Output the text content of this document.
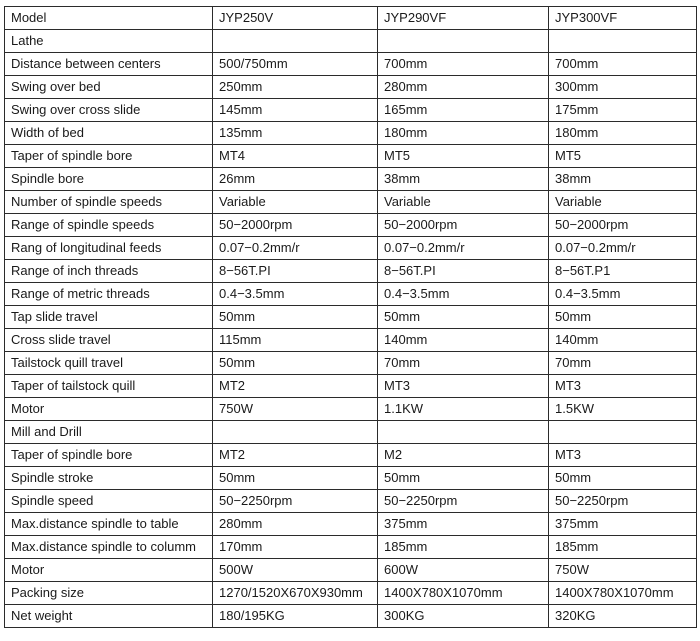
Model	JYP250V	JYP290VF	JYP300VF
Lathe			
Distance between centers	500/750mm	700mm	700mm
Swing over bed	250mm	280mm	300mm
Swing over cross slide	145mm	165mm	175mm
Width of bed	135mm	180mm	180mm
Taper of spindle bore	MT4	MT5	MT5
Spindle bore	26mm	38mm	38mm
Number of spindle speeds	Variable	Variable	Variable
Range of spindle speeds	50−2000rpm	50−2000rpm	50−2000rpm
Rang of longitudinal feeds	0.07−0.2mm/r	0.07−0.2mm/r	0.07−0.2mm/r
Range of inch threads	8−56T.PI	8−56T.PI	8−56T.P1
Range of metric threads	0.4−3.5mm	0.4−3.5mm	0.4−3.5mm
Tap slide travel	50mm	50mm	50mm
Cross slide travel	115mm	140mm	140mm
Tailstock quill travel	50mm	70mm	70mm
Taper of tailstock quill	MT2	MT3	MT3
Motor	750W	1.1KW	1.5KW
Mill and Drill			
Taper of spindle bore	MT2	M2	MT3
Spindle stroke	50mm	50mm	50mm
Spindle speed	50−2250rpm	50−2250rpm	50−2250rpm
Max.distance spindle to table	280mm	375mm	375mm
Max.distance spindle to columm	170mm	185mm	185mm
Motor	500W	600W	750W
Packing size	1270/1520X670X930mm	1400X780X1070mm	1400X780X1070mm
Net weight	180/195KG	300KG	320KG
